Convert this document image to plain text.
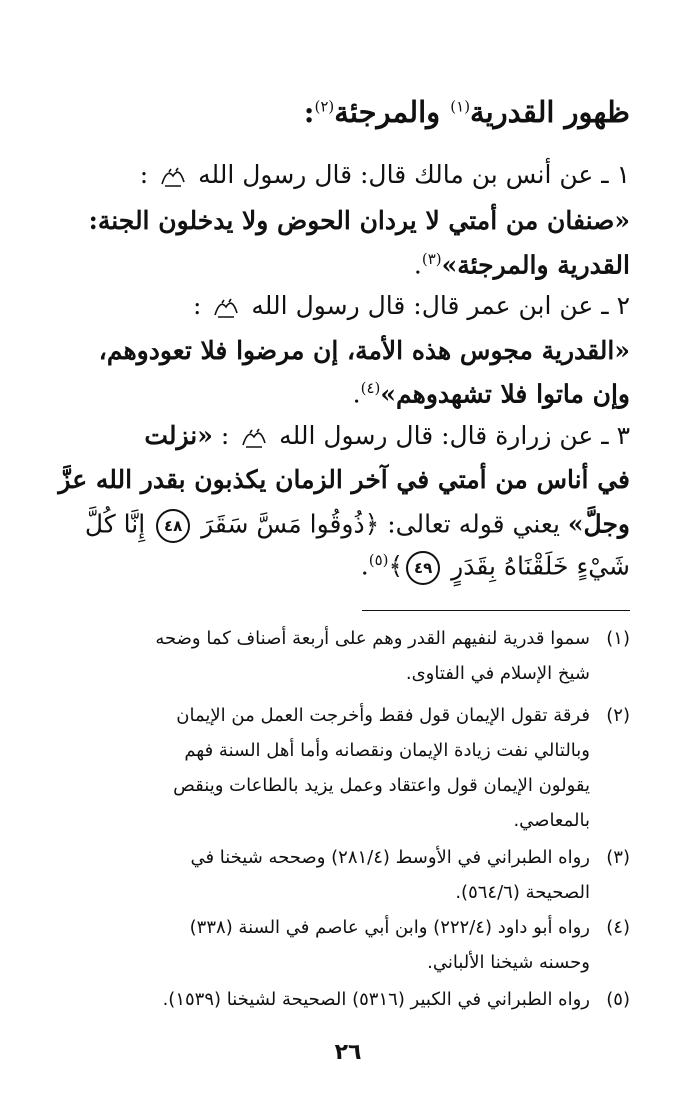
ظهور القدرية$^{(١)}$ والمرجئة$^{(٢)}$:
١ ـ عن أنس بن مالك قال: قال رسول الله  :
«صنفان من أمتي لا يردان الحوض ولا يدخلون الجنة:
القدرية والمرجئة»$^{(٣)}$.
٢ ـ عن ابن عمر قال: قال رسول الله  :
«القدرية مجوس هذه الأمة، إن مرضوا فلا تعودوهم،
وإن ماتوا فلا تشهدوهم»$^{(٤)}$.
٣ ـ عن زرارة قال: قال رسول الله  : «نزلت
في أناس من أمتي في آخر الزمان يكذبون بقدر الله عزَّ
وجلَّ» يعني قوله تعالى: ﴿ذُوقُوا مَسَّ سَقَرَ ٤٨ إِنَّا كُلَّ
شَيْءٍ خَلَقْنَاهُ بِقَدَرٍ ٤٩﴾$^{(٥)}$.
(١)سموا قدرية لنفيهم القدر وهم على أربعة أصناف كما وضحه
شيخ الإسلام في الفتاوى.
(٢)فرقة تقول الإيمان قول فقط وأخرجت العمل من الإيمان
وبالتالي نفت زيادة الإيمان ونقصانه وأما أهل السنة فهم
يقولون الإيمان قول واعتقاد وعمل يزيد بالطاعات وينقص
بالمعاصي.
(٣)رواه الطبراني في الأوسط (٢٨١/٤) وصححه شيخنا في
الصحيحة (٥٦٤/٦).
(٤)رواه أبو داود (٢٢٢/٤) وابن أبي عاصم في السنة (٣٣٨)
وحسنه شيخنا الألباني.
(٥)رواه الطبراني في الكبير (٥٣١٦) الصحيحة لشيخنا (١٥٣٩).
٢٦
